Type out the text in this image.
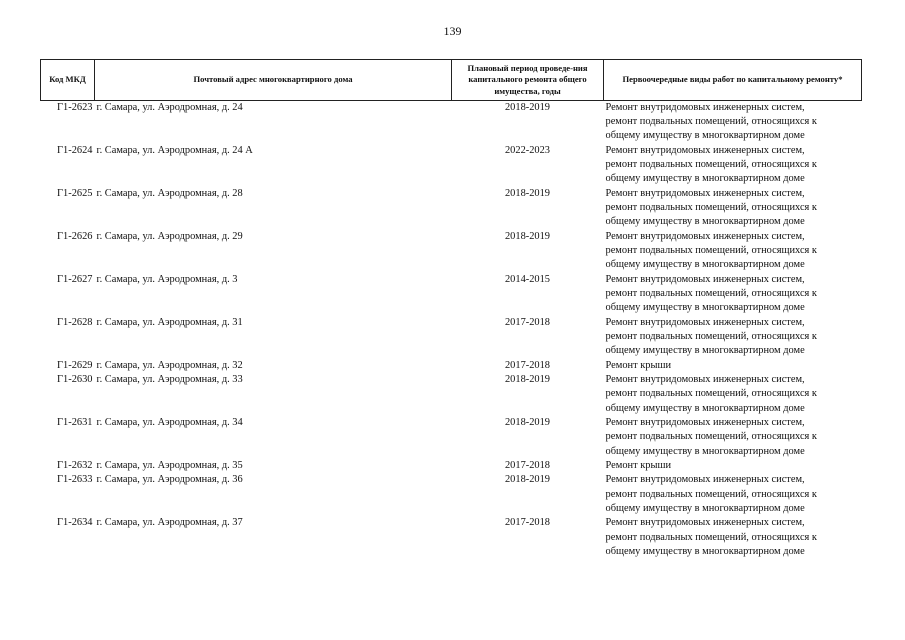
139
Код МКД	Почтовый адрес многоквартирного дома	Плановый период проведе-ния капитального ремонта общего имущества, годы	Первоочередные виды работ по капитальному ремонту*
Г1-2623	г. Самара, ул. Аэродромная, д. 24	2018-2019	Ремонт внутридомовых инженерных систем,
ремонт подвальных помещений, относящихся к
общему имуществу в многоквартирном доме

Г1-2624	г. Самара, ул. Аэродромная, д. 24 А	2022-2023	Ремонт внутридомовых инженерных систем,
ремонт подвальных помещений, относящихся к
общему имуществу в многоквартирном доме

Г1-2625	г. Самара, ул. Аэродромная, д. 28	2018-2019	Ремонт внутридомовых инженерных систем,
ремонт подвальных помещений, относящихся к
общему имуществу в многоквартирном доме

Г1-2626	г. Самара, ул. Аэродромная, д. 29	2018-2019	Ремонт внутридомовых инженерных систем,
ремонт подвальных помещений, относящихся к
общему имуществу в многоквартирном доме

Г1-2627	г. Самара, ул. Аэродромная, д. 3	2014-2015	Ремонт внутридомовых инженерных систем,
ремонт подвальных помещений, относящихся к
общему имуществу в многоквартирном доме

Г1-2628	г. Самара, ул. Аэродромная, д. 31	2017-2018	Ремонт внутридомовых инженерных систем,
ремонт подвальных помещений, относящихся к
общему имуществу в многоквартирном доме

Г1-2629	г. Самара, ул. Аэродромная, д. 32	2017-2018	Ремонт крыши

Г1-2630	г. Самара, ул. Аэродромная, д. 33	2018-2019	Ремонт внутридомовых инженерных систем,
ремонт подвальных помещений, относящихся к
общему имуществу в многоквартирном доме

Г1-2631	г. Самара, ул. Аэродромная, д. 34	2018-2019	Ремонт внутридомовых инженерных систем,
ремонт подвальных помещений, относящихся к
общему имуществу в многоквартирном доме

Г1-2632	г. Самара, ул. Аэродромная, д. 35	2017-2018	Ремонт крыши

Г1-2633	г. Самара, ул. Аэродромная, д. 36	2018-2019	Ремонт внутридомовых инженерных систем,
ремонт подвальных помещений, относящихся к
общему имуществу в многоквартирном доме

Г1-2634	г. Самара, ул. Аэродромная, д. 37	2017-2018	Ремонт внутридомовых инженерных систем,
ремонт подвальных помещений, относящихся к
общему имуществу в многоквартирном доме
